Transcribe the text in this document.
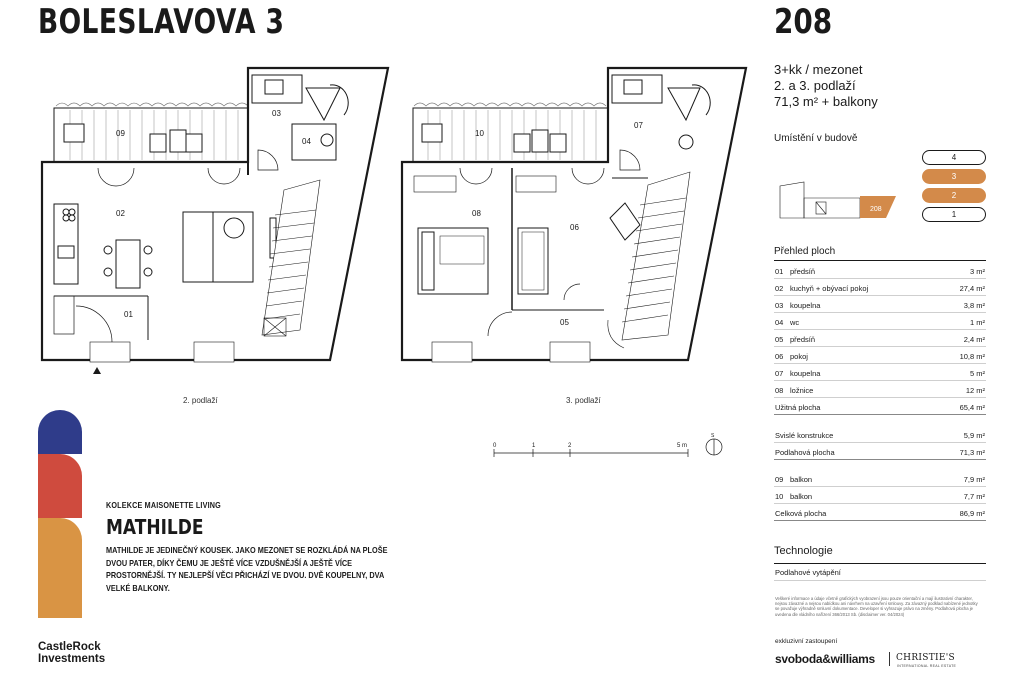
BOLESLAVOVA 3	208
09
03
04
02
01
10
07
08
06
05
2. podlaží	3. podlaží
0	1	2	5 m
S
KOLEKCE MAISONETTE LIVING
MATHILDE
MATHILDE JE JEDINEČNÝ KOUSEK. JAKO MEZONET SE ROZKLÁDÁ NA PLOŠE DVOU PATER, DÍKY ČEMU JE JEŠTĚ VÍCE VZDUŠNĚJŠÍ A JEŠTĚ VÍCE PROSTORNĚJŠÍ. TY NEJLEPŠÍ VĚCI PŘICHÁZÍ VE DVOU. DVĚ KOUPELNY, DVA VELKÉ BALKONY.
CastleRock
Investments
3+kk / mezonet
2. a 3. podlaží
71,3 m² + balkony
Umístění v budově
208
4
3
2
1
Přehled ploch
01 předsíň	3 m²
02 kuchyň + obývací pokoj	27,4 m²
03 koupelna	3,8 m²
04 wc	1 m²
05 předsíň	2,4 m²
06 pokoj	10,8 m²
07 koupelna	5 m²
08 ložnice	12 m²
Užitná plocha	65,4 m²
Svislé konstrukce	5,9 m²
Podlahová plocha	71,3 m²
09 balkon	7,9 m²
10 balkon	7,7 m²
Celková plocha	86,9 m²
Technologie
Podlahové vytápění
Veškeré informace a údaje včetně grafických vyobrazení jsou pouze orientační a mají ilustrativní charakter, nejsou závazné a nejsou nabídkou ani návrhem na uzavření smlouvy. Za závazný podklad nabízené jednotky se považuje výhradně smluvní dokumentace. Developer si vyhrazuje právo na změny. Podlahová plocha je uvedena dle vládního nařízení 366/2013 Sb. (disclaimer ver. 04/2024)
exkluzivní zastoupení
svoboda&williams CHRISTIE'S
INTERNATIONAL REAL ESTATE
